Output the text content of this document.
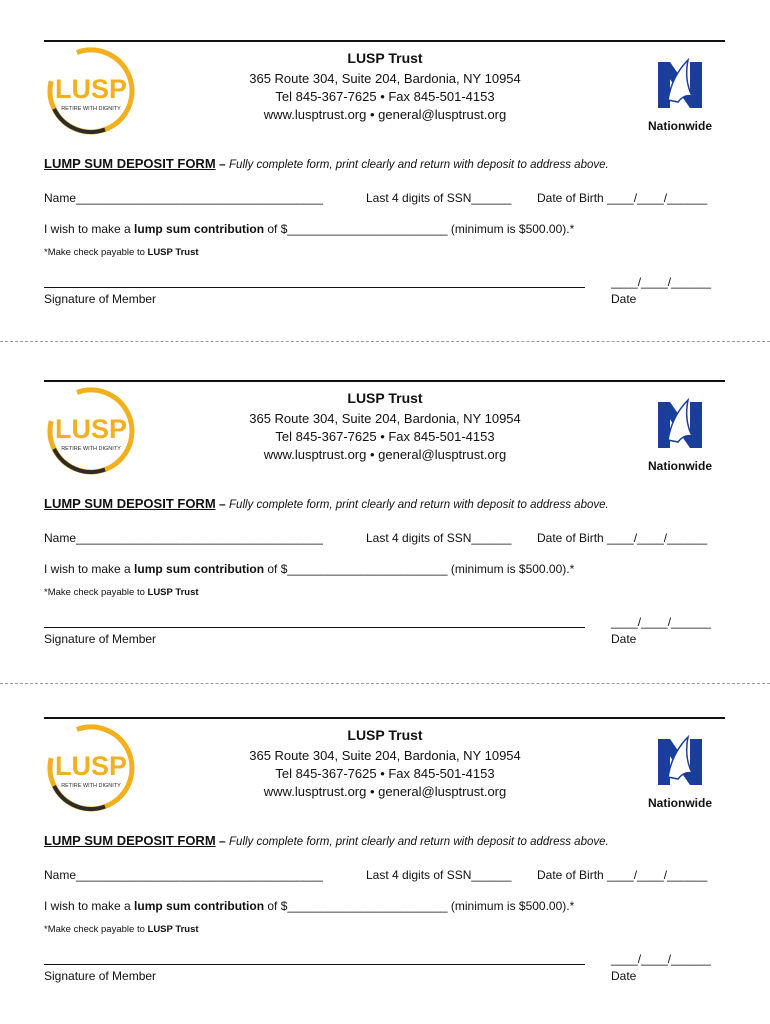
LUSP
RETIRE WITH DIGNITY
LUSP Trust
365 Route 304, Suite 204, Bardonia, NY 10954
Tel 845-367-7625 • Fax 845-501-4153
www.lusptrust.org • general@lusptrust.org
Nationwide
LUMP SUM DEPOSIT FORM – Fully complete form, print clearly and return with deposit to address above.
Name_____________________________________	Last 4 digits of SSN______ Date of Birth ____/____/______
I wish to make a lump sum contribution of $________________________ (minimum is $500.00).*
*Make check payable to LUSP Trust
____/____/______
Signature of Member	Date
LUSP
RETIRE WITH DIGNITY
LUSP Trust
365 Route 304, Suite 204, Bardonia, NY 10954
Tel 845-367-7625 • Fax 845-501-4153
www.lusptrust.org • general@lusptrust.org
Nationwide
LUMP SUM DEPOSIT FORM – Fully complete form, print clearly and return with deposit to address above.
Name_____________________________________	Last 4 digits of SSN______ Date of Birth ____/____/______
I wish to make a lump sum contribution of $________________________ (minimum is $500.00).*
*Make check payable to LUSP Trust
____/____/______
Signature of Member	Date
LUSP
RETIRE WITH DIGNITY
LUSP Trust
365 Route 304, Suite 204, Bardonia, NY 10954
Tel 845-367-7625 • Fax 845-501-4153
www.lusptrust.org • general@lusptrust.org
Nationwide
LUMP SUM DEPOSIT FORM – Fully complete form, print clearly and return with deposit to address above.
Name_____________________________________	Last 4 digits of SSN______ Date of Birth ____/____/______
I wish to make a lump sum contribution of $________________________ (minimum is $500.00).*
*Make check payable to LUSP Trust
____/____/______
Signature of Member	Date
